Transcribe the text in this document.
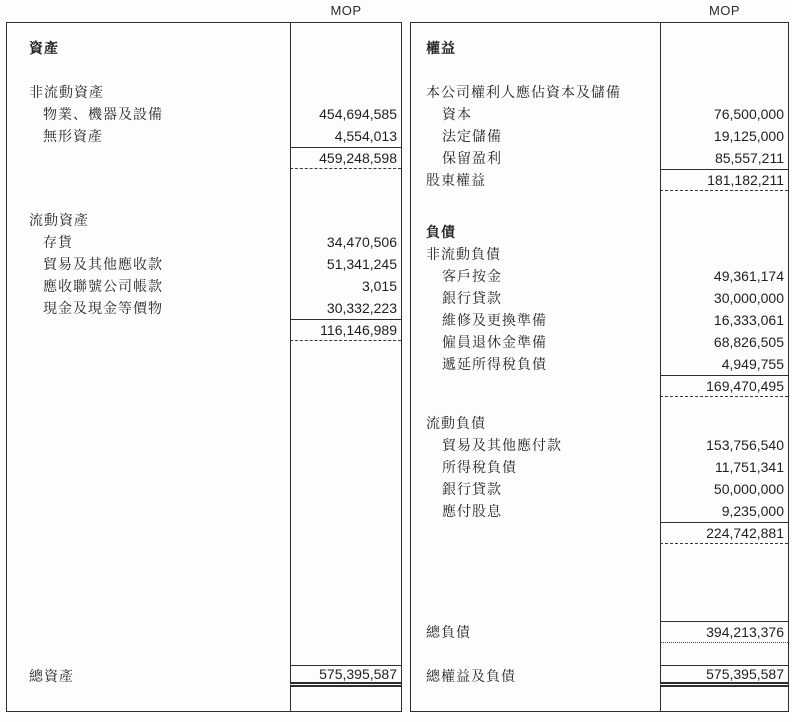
MOP	MOP
資產
非流動資產
物業、機器及設備	454,694,585
無形資產	4,554,013
459,248,598
流動資產
存貨	34,470,506
貿易及其他應收款	51,341,245
應收聯號公司帳款	3,015
現金及現金等價物	30,332,223
116,146,989
總資產	575,395,587
權益
本公司權利人應佔資本及儲備
資本	76,500,000
法定儲備	19,125,000
保留盈利	85,557,211
股東權益	181,182,211
負債
非流動負債
客戶按金	49,361,174
銀行貸款	30,000,000
維修及更換準備	16,333,061
僱員退休金準備	68,826,505
遞延所得稅負債	4,949,755
169,470,495
流動負債
貿易及其他應付款	153,756,540
所得稅負債	11,751,341
銀行貸款	50,000,000
應付股息	9,235,000
224,742,881
總負債	394,213,376
總權益及負債	575,395,587
